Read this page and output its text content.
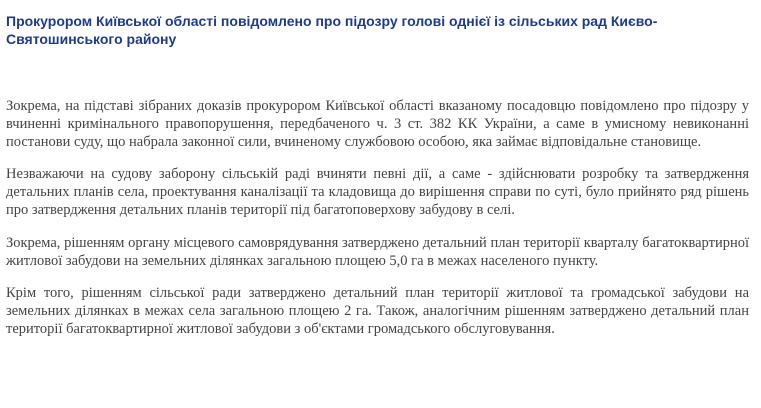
Прокурором Київської області повідомлено про підозру голові однієї із сільських рад Києво-Святошинського району

Зокрема, на підставі зібраних доказів прокурором Київської області вказаному посадовцю повідомлено про підозру у вчиненні кримінального правопорушення, передбаченого ч. 3 ст. 382 КК України, а саме в умисному невиконанні постанови суду, що набрала законної сили, вчиненому службовою особою, яка займає відповідальне становище.

Незважаючи на судову заборону сільській раді вчиняти певні дії, а саме - здійснювати розробку та затвердження детальних планів села, проектування каналізації та кладовища до вирішення справи по суті, було прийнято ряд рішень про затвердження детальних планів території під багатоповерхову забудову в селі.

Зокрема, рішенням органу місцевого самоврядування затверджено детальний план території кварталу багатоквартирної житлової забудови на земельних ділянках загальною площею 5,0 га в межах населеного пункту.

Крім того, рішенням сільської ради затверджено детальний план території житлової та громадської забудови на земельних ділянках в межах села загальною площею 2 га. Також, аналогічним рішенням затверджено детальний план території багатоквартирної житлової забудови з об'єктами громадського обслуговування.
